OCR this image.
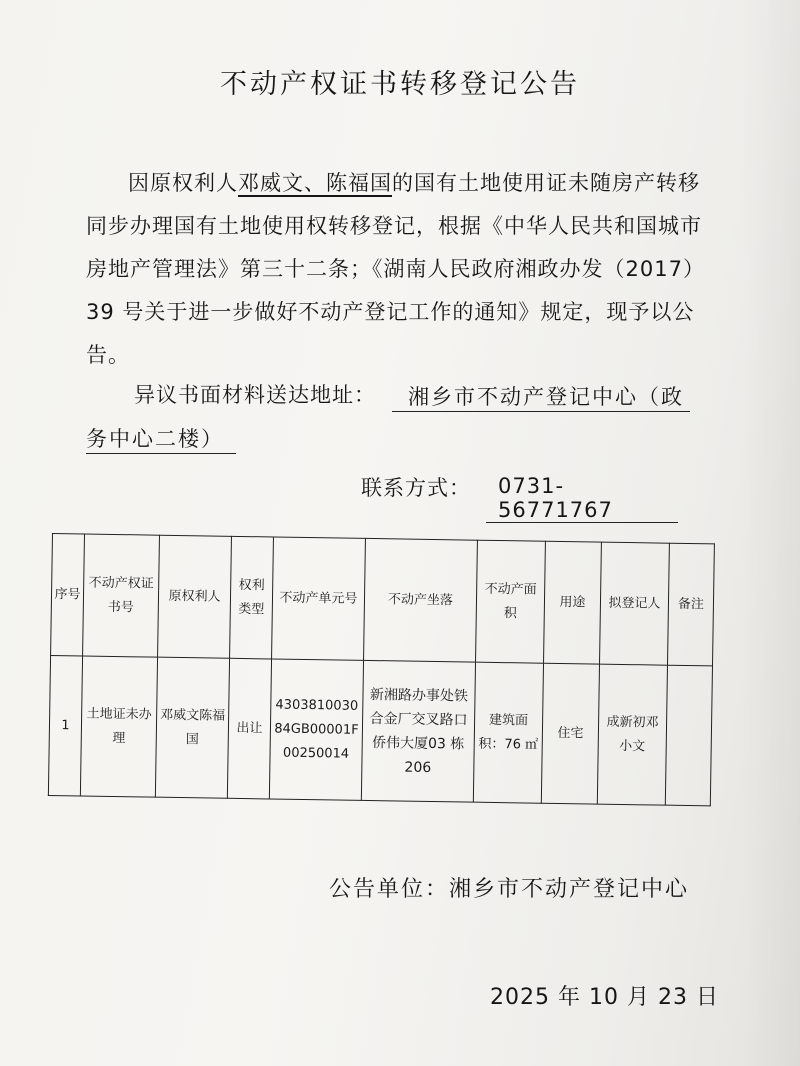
不动产权证书转移登记公告

因原权利人邓威文、陈福国的国有土地使用证未随房产转移同步办理国有土地使用权转移登记，根据《中华人民共和国城市房地产管理法》第三十二条；《湖南人民政府湘政办发（2017）39 号关于进一步做好不动产登记工作的通知》规定，现予以公告。

异议书面材料送达地址：	湘乡市不动产登记中心（政
务中心二楼）
联系方式：	0731-56771767
序号	不动产权证书号	原权利人	权利类型	不动产单元号	不动产坐落	不动产面积	用途	拟登记人	备注
1	土地证未办理	邓威文陈福国	出让	430381003084GB00001F00250014	新湘路办事处铁合金厂交叉路口侨伟大厦03 栋 206	建筑面积：76 ㎡	住宅	成新初邓小文	
公告单位：湘乡市不动产登记中心
2025 年 10 月 23 日
